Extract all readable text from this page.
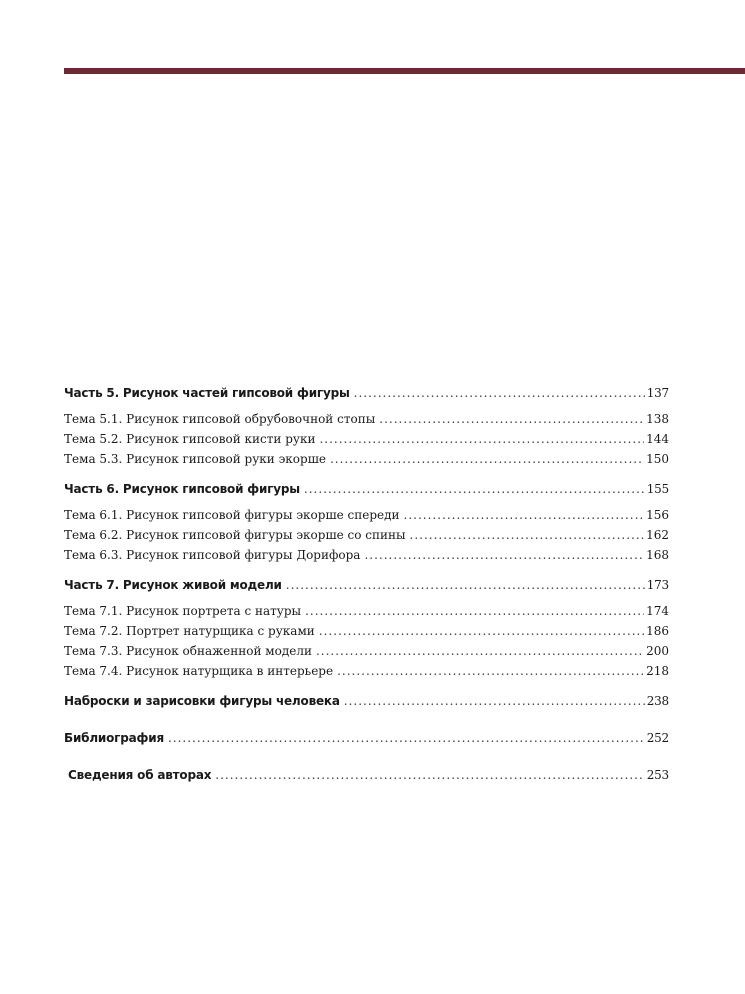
Часть 5. Рисунок частей гипсовой фигуры .....	137
Тема 5.1. Рисунок гипсовой обрубовочной стопы .....	138
Тема 5.2. Рисунок гипсовой кисти руки .....	144
Тема 5.3. Рисунок гипсовой руки экорше .....	150
Часть 6. Рисунок гипсовой фигуры .....	155
Тема 6.1. Рисунок гипсовой фигуры экорше спереди .....	156
Тема 6.2. Рисунок гипсовой фигуры экорше со спины .....	162
Тема 6.3. Рисунок гипсовой фигуры Дорифора .....	168
Часть 7. Рисунок живой модели .....	173
Тема 7.1. Рисунок портрета с натуры .....	174
Тема 7.2. Портрет натурщика с руками .....	186
Тема 7.3. Рисунок обнаженной модели .....	200
Тема 7.4. Рисунок натурщика в интерьере .....	218
Наброски и зарисовки фигуры человека .....	238
Библиография .....	252
Сведения об авторах .....	253
